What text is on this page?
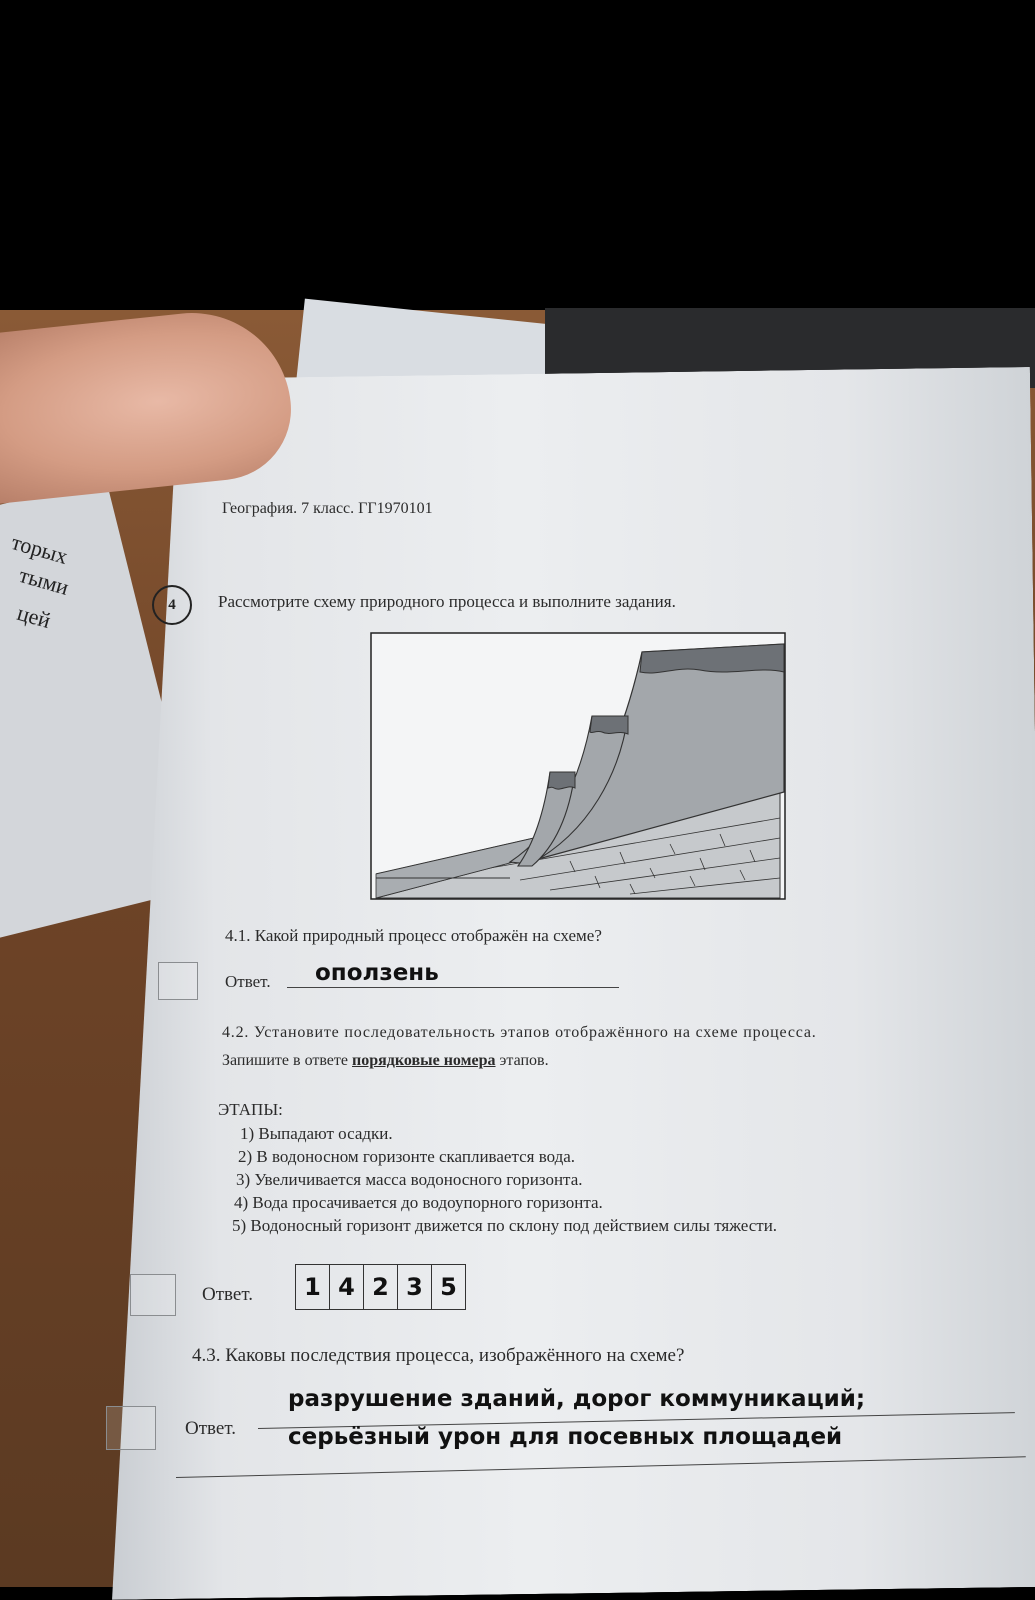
торых
тыми
цей
География. 7 класс. ГГ1970101
4	Рассмотрите схему природного процесса и выполните задания.
4.1. Какой природный процесс отображён на схеме?
Ответ. оползень
4.2. Установите последовательность этапов отображённого на схеме процесса.
Запишите в ответе порядковые номера этапов.
ЭТАПЫ:
1) Выпадают осадки.
2) В водоносном горизонте скапливается вода.
3) Увеличивается масса водоносного горизонта.
4) Вода просачивается до водоупорного горизонта.
5) Водоносный горизонт движется по склону под действием силы тяжести.
Ответ.	1 4 2 3 5
4.3. Каковы последствия процесса, изображённого на схеме?
Ответ.
разрушение зданий, дорог коммуникаций;
серьёзный урон для посевных площадей
